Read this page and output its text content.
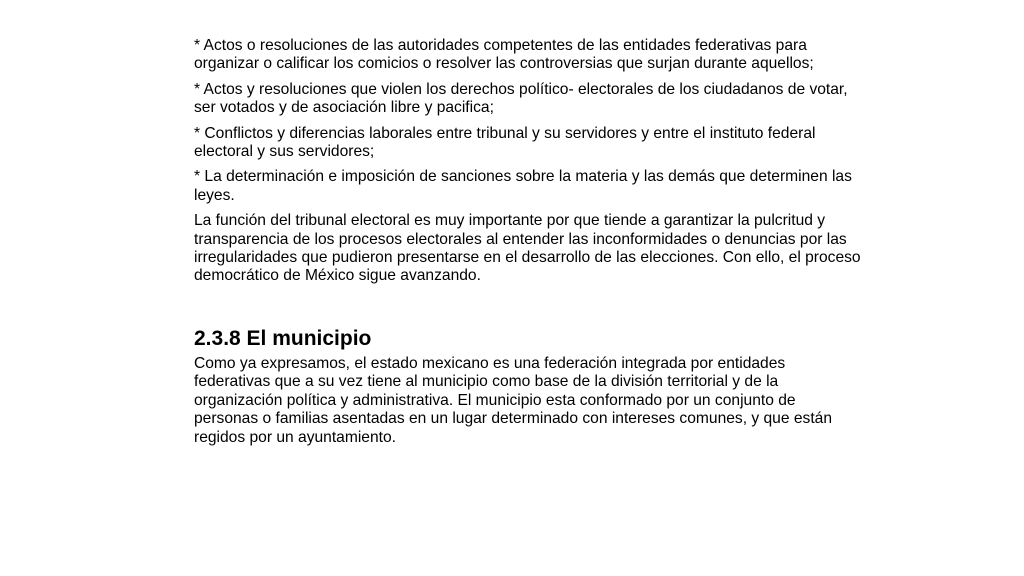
* Actos o resoluciones de las autoridades competentes de las entidades federativas para organizar o calificar los comicios o resolver las controversias que surjan durante aquellos;

* Actos y resoluciones que violen los derechos político- electorales de los ciudadanos de votar, ser votados y de asociación libre y pacifica;

* Conflictos y diferencias laborales entre tribunal y su servidores y entre el instituto federal electoral y sus servidores;

* La determinación e imposición de sanciones sobre la materia y las demás que determinen las leyes.

La función del tribunal electoral es muy importante por que tiende a garantizar la pulcritud y transparencia de los procesos electorales al entender las inconformidades o denuncias por las irregularidades que pudieron presentarse en el desarrollo de las elecciones. Con ello, el proceso democrático de México sigue avanzando.

2.3.8 El municipio

Como ya expresamos, el estado mexicano es una federación integrada por entidades federativas que a su vez tiene al municipio como base de la división territorial y de la organización política y administrativa. El municipio esta conformado por un conjunto de personas o familias asentadas en un lugar determinado con intereses comunes, y que están regidos por un ayuntamiento.
